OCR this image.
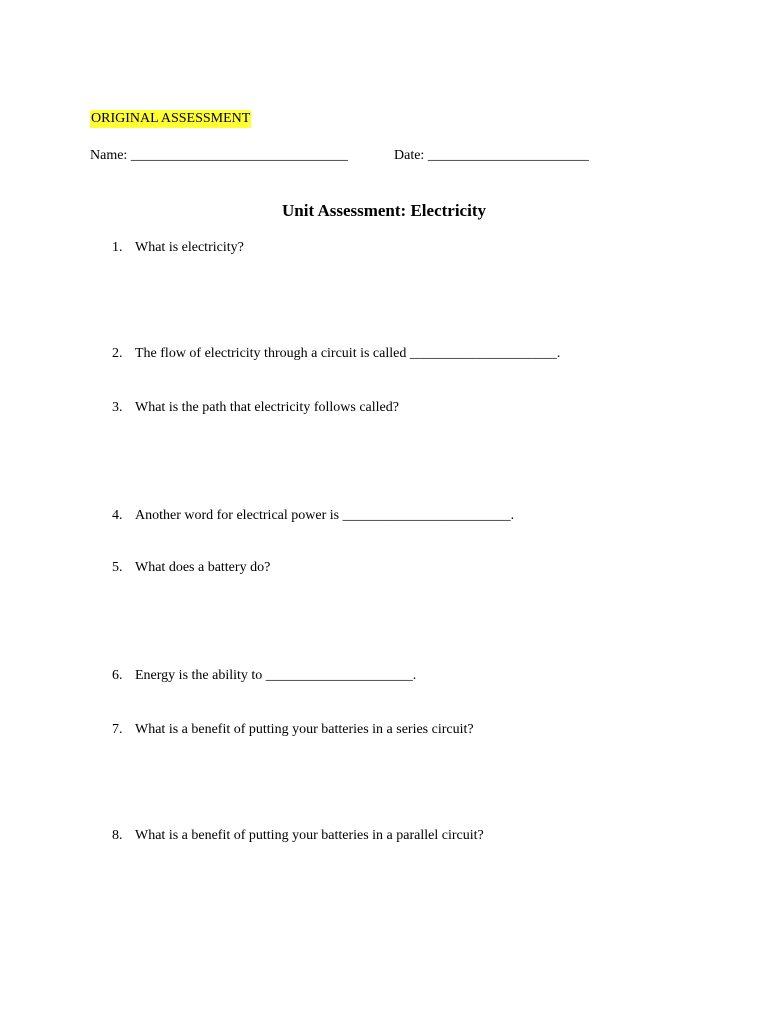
ORIGINAL ASSESSMENT
Name: _______________________________	Date: _______________________
Unit Assessment: Electricity
1. What is electricity?
2. The flow of electricity through a circuit is called _____________________.
3. What is the path that electricity follows called?
4. Another word for electrical power is ________________________.
5. What does a battery do?
6. Energy is the ability to _____________________.
7. What is a benefit of putting your batteries in a series circuit?
8. What is a benefit of putting your batteries in a parallel circuit?
